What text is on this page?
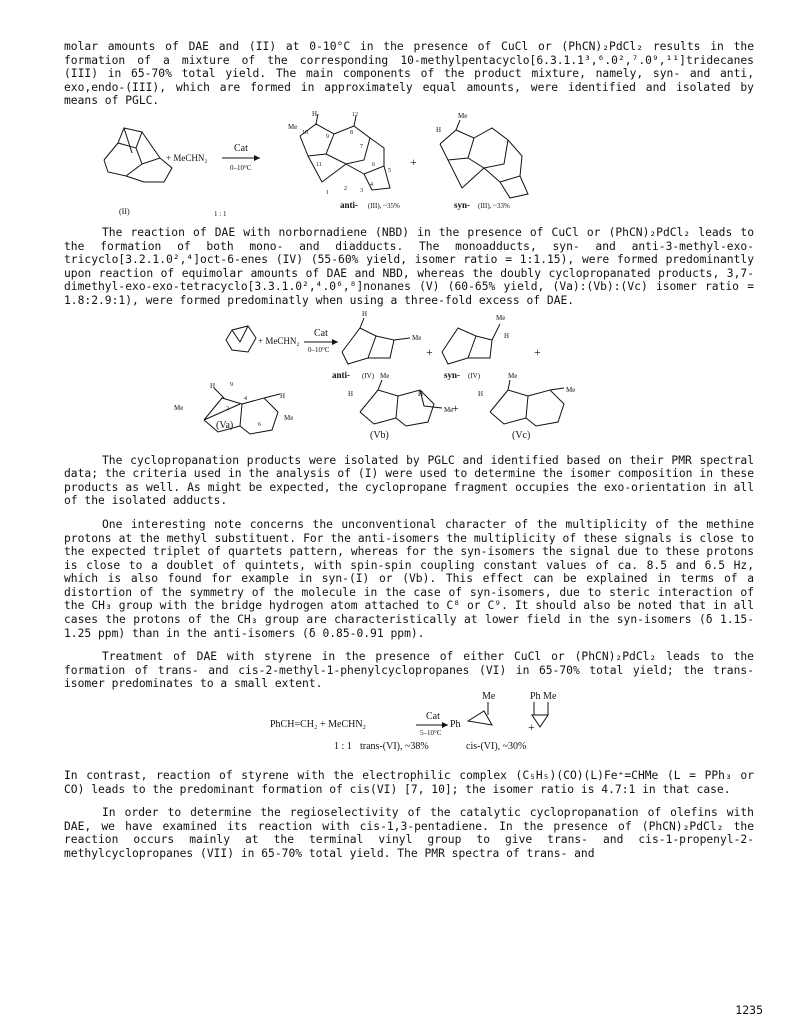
molar amounts of DAE and (II) at 0-10°C in the presence of CuCl or (PhCN)₂PdCl₂ results in the formation of a mixture of the corresponding 10-methylpentacyclo[6.3.1.1³,⁶.0²,⁷.0⁹,¹¹]tridecanes (III) in 65-70% total yield. The main components of the product mixture, namely, syn- and anti, exo,endo-(III), which are formed in approximately equal amounts, were identified and isolated by means of PGLC.

+ MeCHN₂
Cat
0–10°C
(II)	1 : 1
H
Me
12
10
9
8
7
6
5
4
3
2
1
11	+
anti- (III), ~35%
Me
H
syn- (III), ~33%

The reaction of DAE with norbornadiene (NBD) in the presence of CuCl or (PhCN)₂PdCl₂ leads to the formation of both mono- and diadducts. The monoadducts, syn- and anti-3-methyl-exo-tricyclo[3.2.1.0²,⁴]oct-6-enes (IV) (55-60% yield, isomer ratio = 1:1.15), were formed predominantly upon reaction of equimolar amounts of DAE and NBD, whereas the doubly cyclopropanated products, 3,7-dimethyl-exo-exo-tetracyclo[3.3.1.0²,⁴.0⁶,⁸]nonanes (V) (60-65% yield, (Va):(Vb):(Vc) isomer ratio = 1.8:2.9:1), were formed predominatly when using a three-fold excess of DAE.

+ MeCHN₂
Cat
0–10°C
H
Me
+
anti- (IV)
Me
H
+
syn- (IV)
Me
H
H
Me
9
2
4
6
(Va)
Me
H	H
Me
+
(Vb)
Me
H	Me
(Vc)

The cyclopropanation products were isolated by PGLC and identified based on their PMR spectral data; the criteria used in the analysis of (I) were used to determine the isomer composition in these products as well. As might be expected, the cyclopropane fragment occupies the exo-orientation in all of the isolated adducts.

One interesting note concerns the unconventional character of the multiplicity of the methine protons at the methyl substituent. For the anti-isomers the multiplicity of these signals is close to the expected triplet of quartets pattern, whereas for the syn-isomers the signal due to these protons is close to a doublet of quintets, with spin-spin coupling constant values of ca. 8.5 and 6.5 Hz, which is also found for example in syn-(I) or (Vb). This effect can be explained in terms of a distortion of the symmetry of the molecule in the case of syn-isomers, due to steric interaction of the CH₃ group with the bridge hydrogen atom attached to C⁸ or C⁹. It should also be noted that in all cases the protons of the CH₃ group are characteristically at lower field in the syn-isomers (δ 1.15-1.25 ppm) than in the anti-isomers (δ 0.85-0.91 ppm).

Treatment of DAE with styrene in the presence of either CuCl or (PhCN)₂PdCl₂ leads to the formation of trans- and cis-2-methyl-1-phenylcyclopropanes (VI) in 65-70% total yield; the trans-isomer predominates to a small extent.

PhCH=CH₂ + MeCHN₂
Cat
5–10°C
Ph
Me
+
Ph Me
1 : 1 trans-(VI), ~38%	cis-(VI), ~30%

In contrast, reaction of styrene with the electrophilic complex (C₅H₅)(CO)(L)Fe⁺=CHMe (L = PPh₃ or CO) leads to the predominant formation of cis(VI) [7, 10]; the isomer ratio is 4.7:1 in that case.

In order to determine the regioselectivity of the catalytic cyclopropanation of olefins with DAE, we have examined its reaction with cis-1,3-pentadiene. In the presence of (PhCN)₂PdCl₂ the reaction occurs mainly at the terminal vinyl group to give trans- and cis-1-propenyl-2-methylcyclopropanes (VII) in 65-70% total yield. The PMR spectra of trans- and

1235
